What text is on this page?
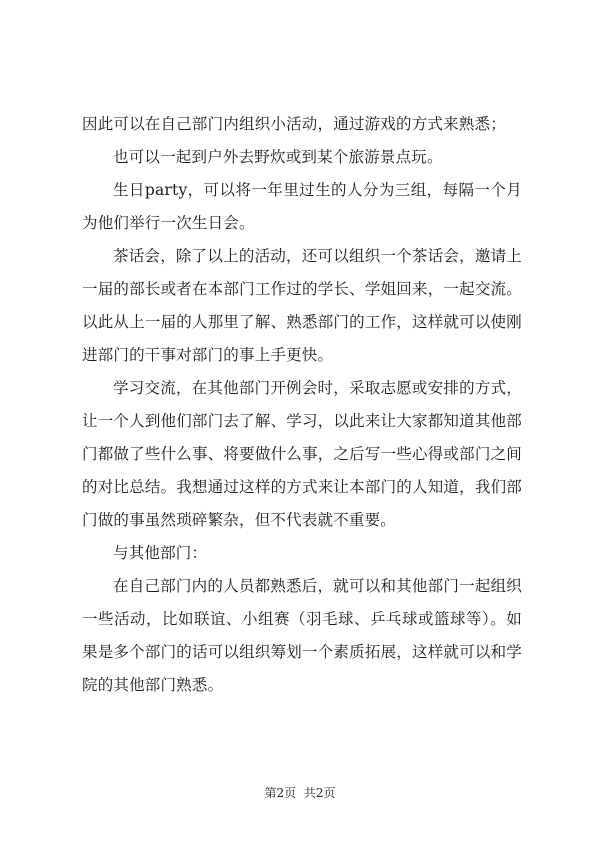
因此可以在自己部门内组织小活动，通过游戏的方式来熟悉；

也可以一起到户外去野炊或到某个旅游景点玩。

生日party，可以将一年里过生的人分为三组，每隔一个月为他们举行一次生日会。

茶话会，除了以上的活动，还可以组织一个茶话会，邀请上一届的部长或者在本部门工作过的学长、学姐回来，一起交流。以此从上一届的人那里了解、熟悉部门的工作，这样就可以使刚进部门的干事对部门的事上手更快。

学习交流，在其他部门开例会时，采取志愿或安排的方式，让一个人到他们部门去了解、学习，以此来让大家都知道其他部门都做了些什么事、将要做什么事，之后写一些心得或部门之间的对比总结。我想通过这样的方式来让本部门的人知道，我们部门做的事虽然琐碎繁杂，但不代表就不重要。

与其他部门：

在自己部门内的人员都熟悉后，就可以和其他部门一起组织一些活动，比如联谊、小组赛（羽毛球、乒乓球或篮球等）。如果是多个部门的话可以组织筹划一个素质拓展，这样就可以和学院的其他部门熟悉。

第2页 共2页
